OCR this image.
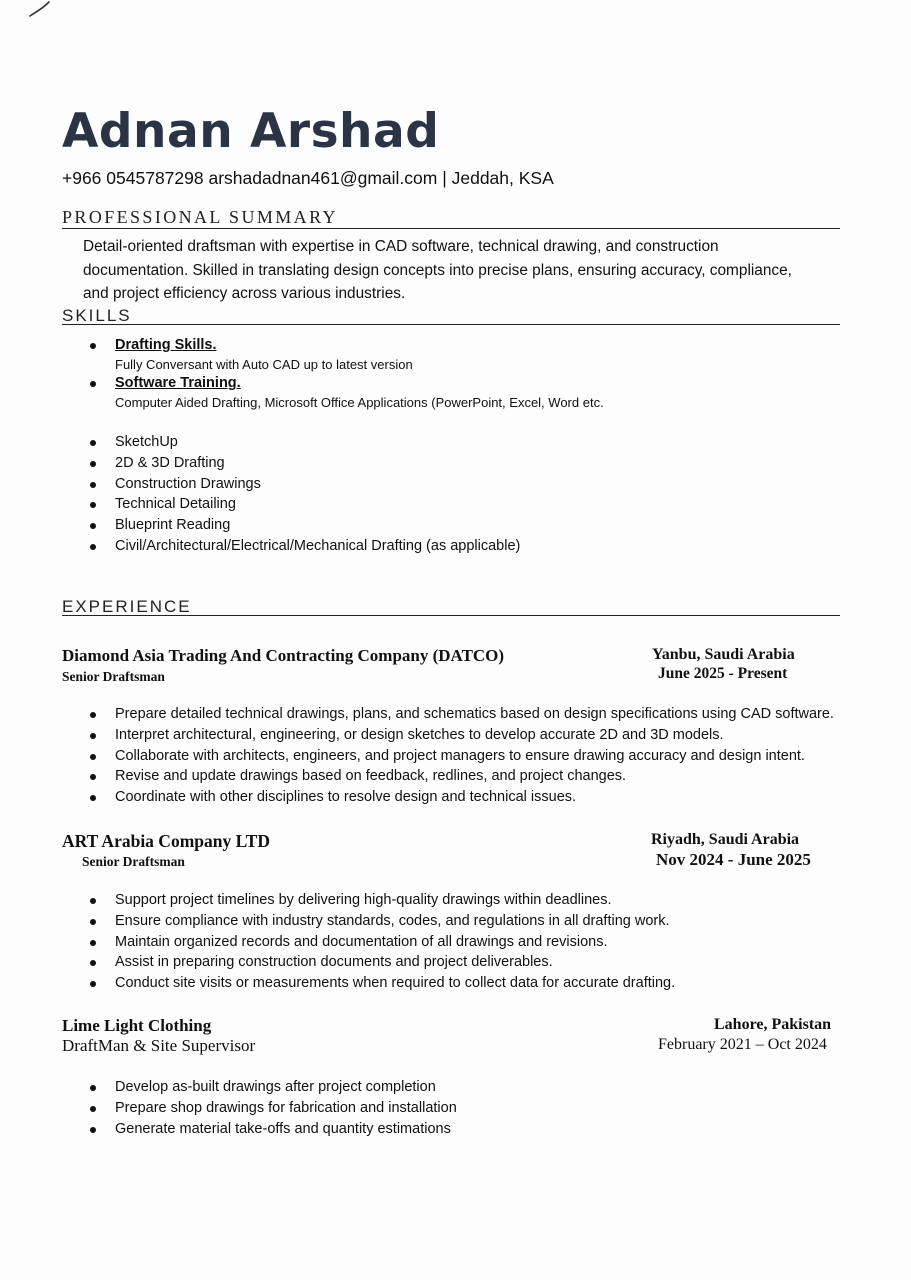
Adnan Arshad
+966 0545787298 arshadadnan461@gmail.com | Jeddah, KSA
PROFESSIONAL SUMMARY

Detail-oriented draftsman with expertise in CAD software, technical drawing, and construction
documentation. Skilled in translating design concepts into precise plans, ensuring accuracy, compliance,
and project efficiency across various industries.

SKILLS
Drafting Skills.
Fully Conversant with Auto CAD up to latest version
Software Training.
Computer Aided Drafting, Microsoft Office Applications (PowerPoint, Excel, Word etc.
SketchUp
2D & 3D Drafting
Construction Drawings
Technical Detailing
Blueprint Reading
Civil/Architectural/Electrical/Mechanical Drafting (as applicable)
EXPERIENCE
Diamond Asia Trading And Contracting Company (DATCO)
Senior Draftsman
Yanbu, Saudi Arabia
June 2025 - Present
Prepare detailed technical drawings, plans, and schematics based on design specifications using CAD software.
Interpret architectural, engineering, or design sketches to develop accurate 2D and 3D models.
Collaborate with architects, engineers, and project managers to ensure drawing accuracy and design intent.
Revise and update drawings based on feedback, redlines, and project changes.
Coordinate with other disciplines to resolve design and technical issues.
ART Arabia Company LTD
Senior Draftsman
Riyadh, Saudi Arabia
Nov 2024 - June 2025
Support project timelines by delivering high-quality drawings within deadlines.
Ensure compliance with industry standards, codes, and regulations in all drafting work.
Maintain organized records and documentation of all drawings and revisions.
Assist in preparing construction documents and project deliverables.
Conduct site visits or measurements when required to collect data for accurate drafting.
Lime Light Clothing
DraftMan & Site Supervisor
Lahore, Pakistan
February 2021 – Oct 2024
Develop as-built drawings after project completion
Prepare shop drawings for fabrication and installation
Generate material take-offs and quantity estimations
